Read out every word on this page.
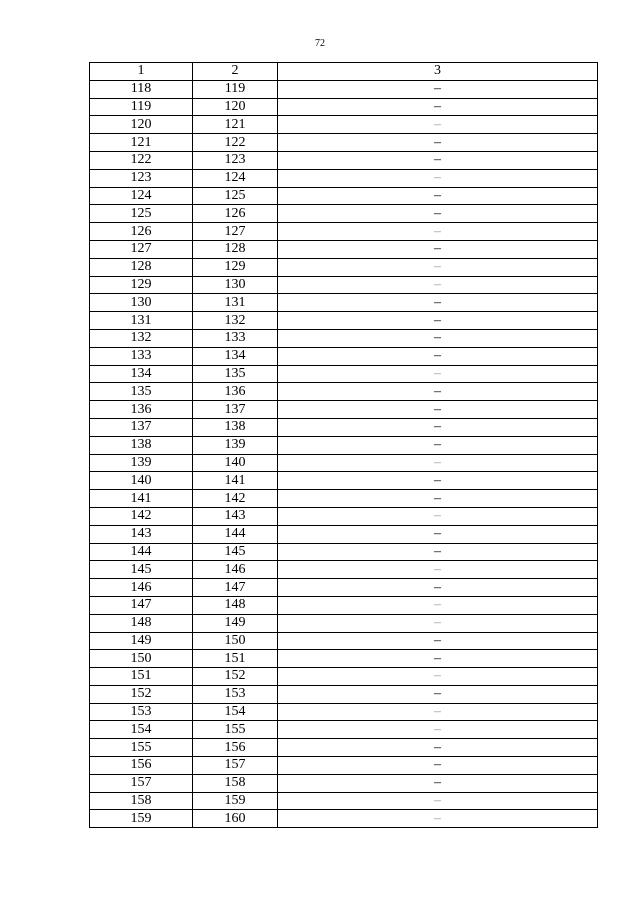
72
1	2	3
118	119	–
119	120	–
120	121	–
121	122	–
122	123	–
123	124	–
124	125	–
125	126	–
126	127	–
127	128	–
128	129	–
129	130	–
130	131	–
131	132	–
132	133	–
133	134	–
134	135	–
135	136	–
136	137	–
137	138	–
138	139	–
139	140	–
140	141	–
141	142	–
142	143	–
143	144	–
144	145	–
145	146	–
146	147	–
147	148	–
148	149	–
149	150	–
150	151	–
151	152	–
152	153	–
153	154	–
154	155	–
155	156	–
156	157	–
157	158	–
158	159	–
159	160	–
